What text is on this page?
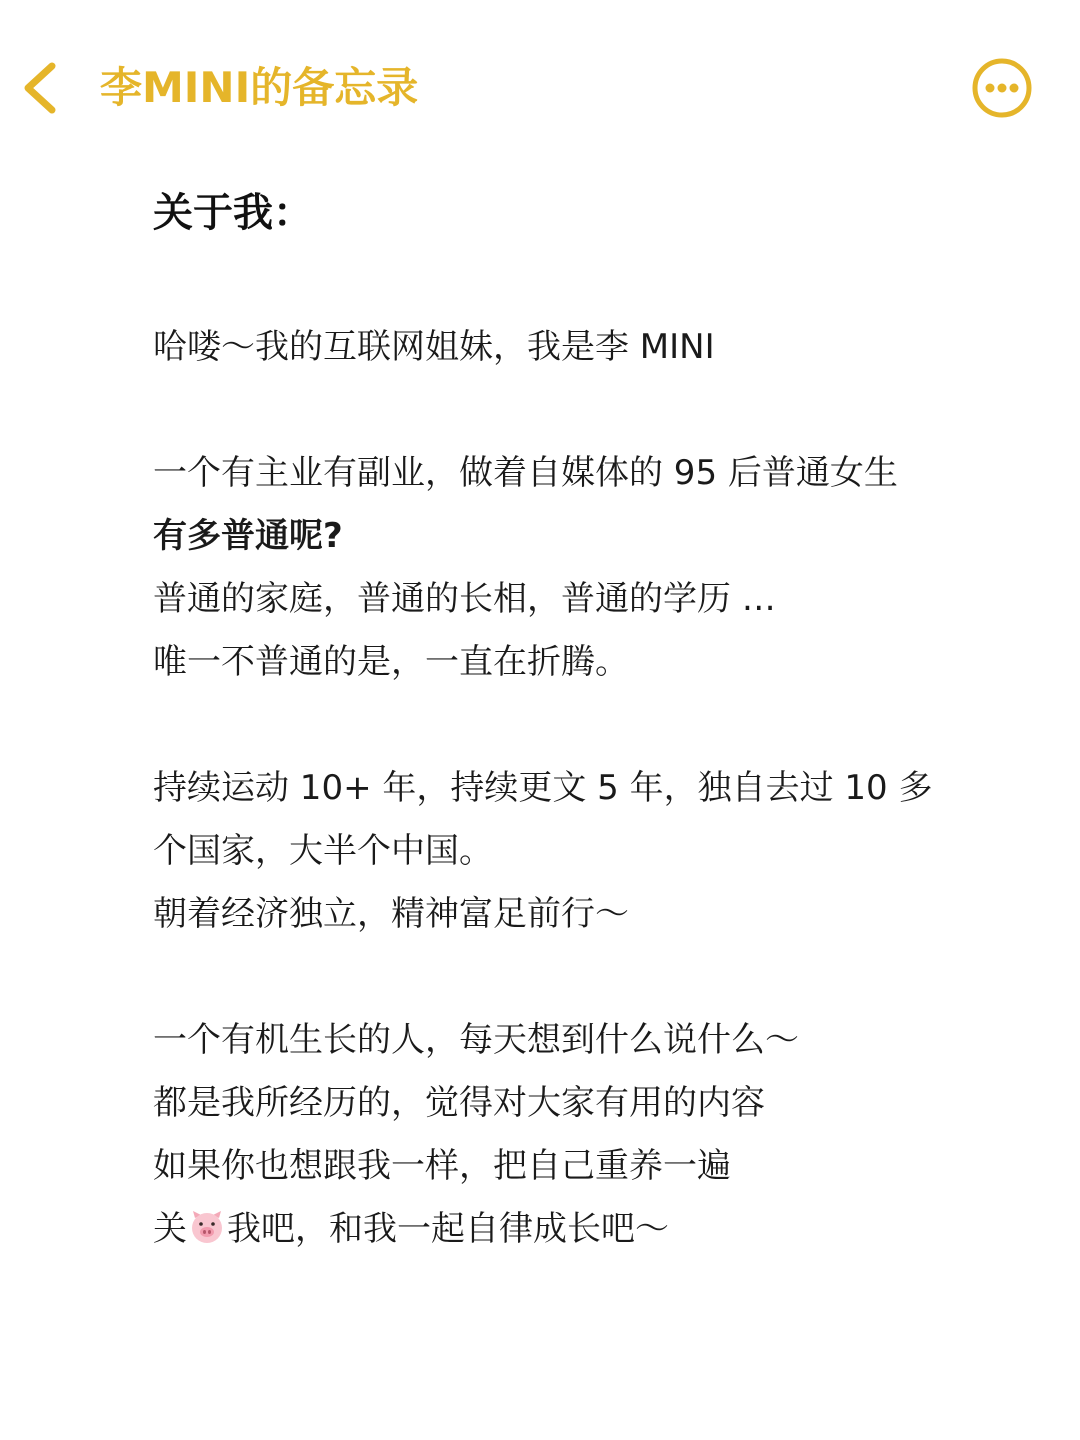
李MINI的备忘录
关于我：
哈喽～我的互联网姐妹，我是李 MINI
一个有主业有副业，做着自媒体的 95 后普通女生
有多普通呢?
普通的家庭，普通的长相，普通的学历 …
唯一不普通的是，一直在折腾。
持续运动 10+ 年，持续更文 5 年，独自去过 10 多
个国家，大半个中国。
朝着经济独立，精神富足前行～
一个有机生长的人，每天想到什么说什么～
都是我所经历的，觉得对大家有用的内容
如果你也想跟我一样，把自己重养一遍
关 我吧，和我一起自律成长吧～
